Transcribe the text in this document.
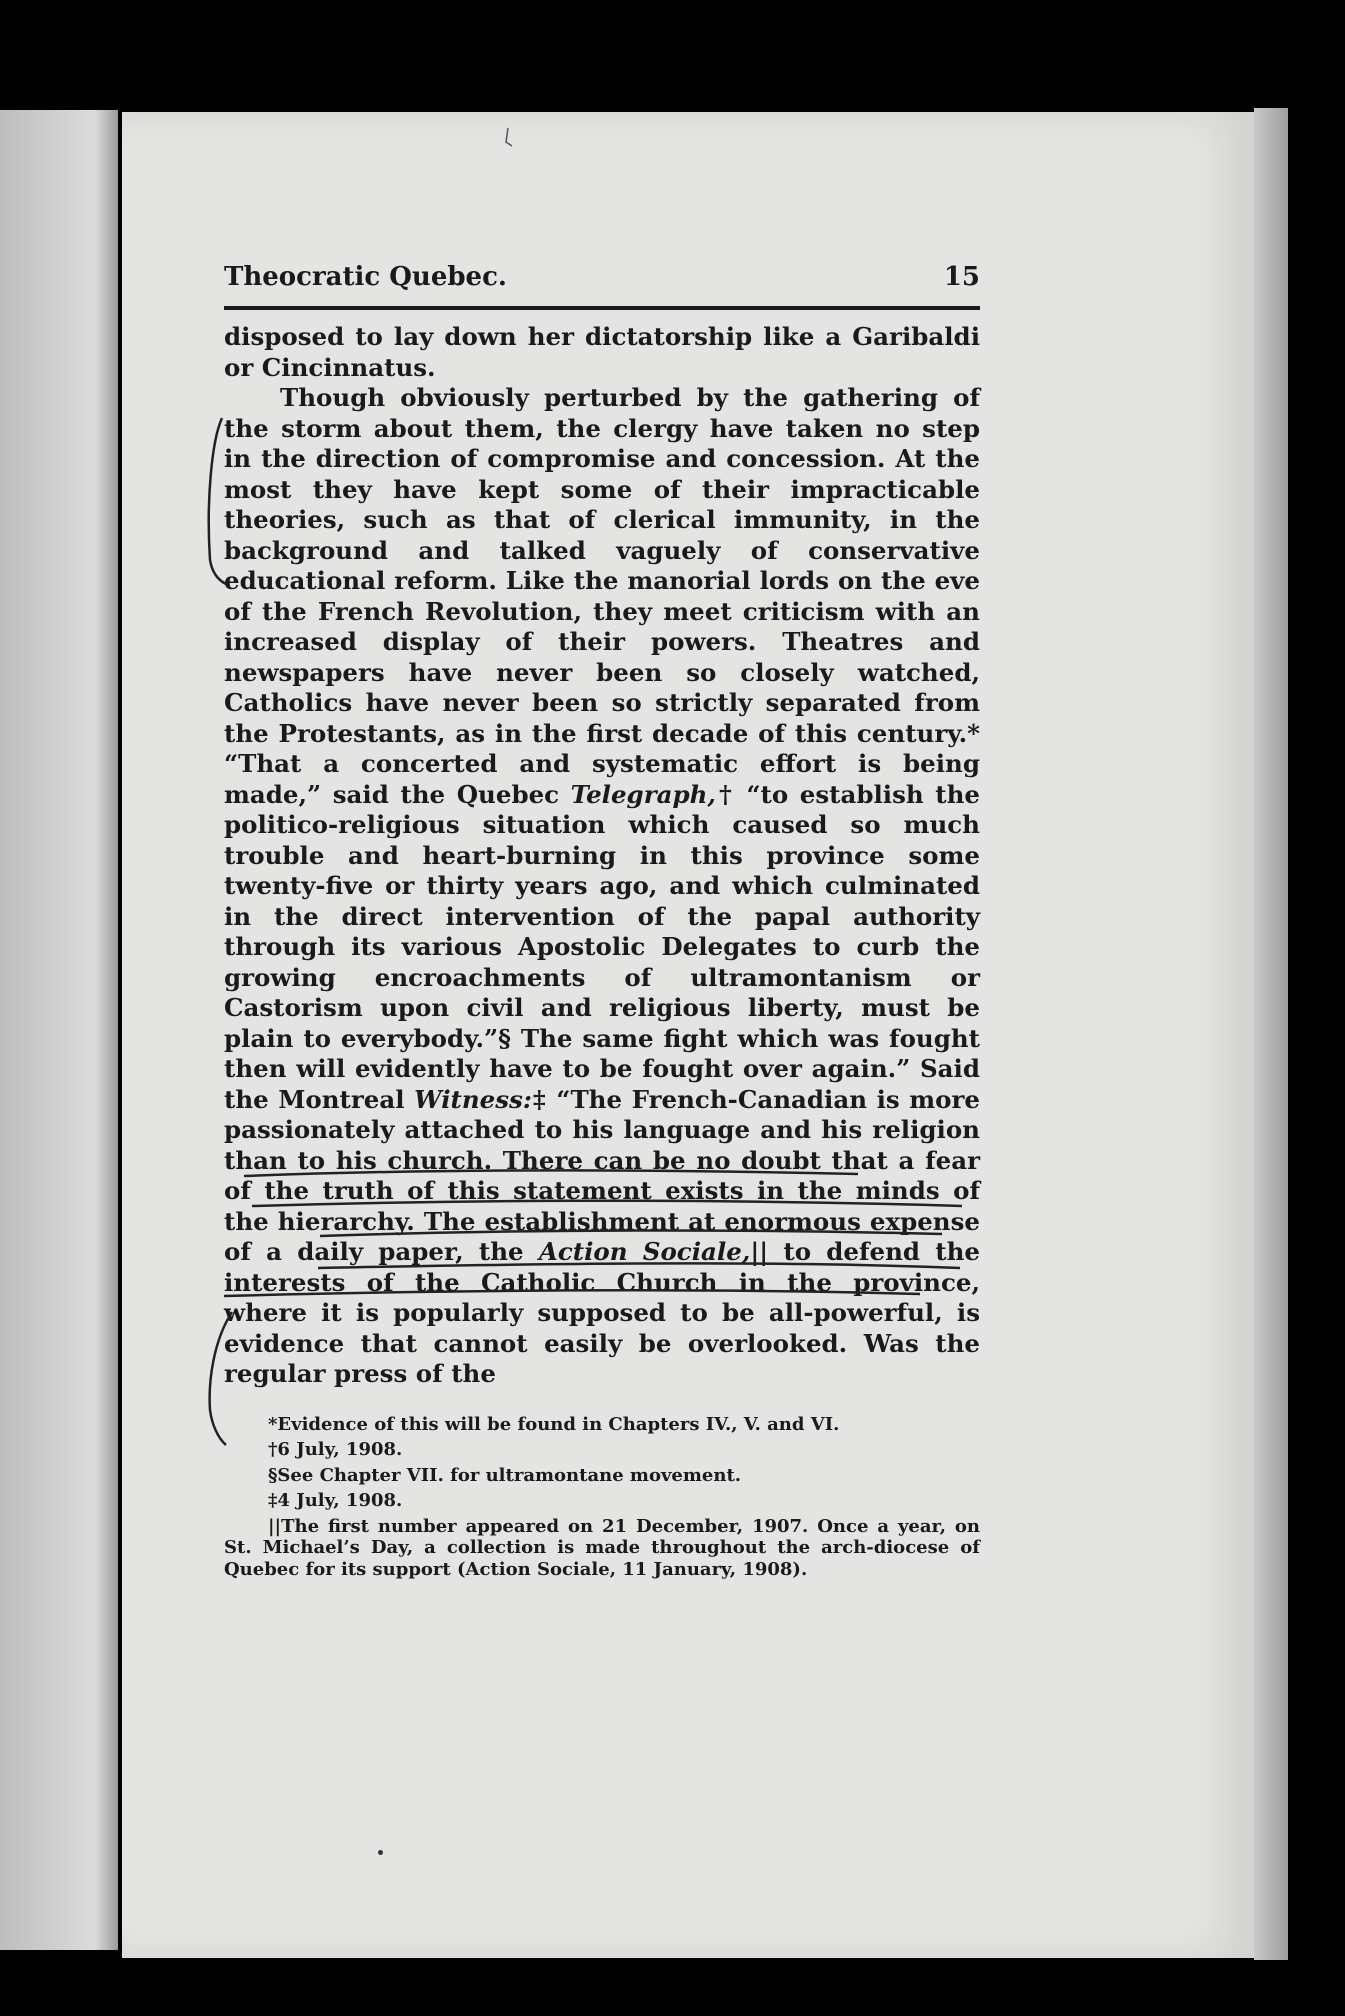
Theocratic Quebec.	15

disposed to lay down her dictatorship like a Garibaldi or Cincinnatus.

Though obviously perturbed by the gathering of the storm about them, the clergy have taken no step in the direction of compromise and concession. At the most they have kept some of their impracticable theories, such as that of clerical immunity, in the background and talked vaguely of conservative educational reform. Like the manorial lords on the eve of the French Revolution, they meet criticism with an increased display of their powers. Theatres and newspapers have never been so closely watched, Catholics have never been so strictly separated from the Protestants, as in the first decade of this century.* “That a concerted and systematic effort is being made,” said the Quebec Telegraph,† “to establish the politico-religious situation which caused so much trouble and heart-burning in this province some twenty-five or thirty years ago, and which culminated in the direct intervention of the papal authority through its various Apostolic Delegates to curb the growing encroachments of ultramontanism or Castorism upon civil and religious liberty, must be plain to everybody.”§ The same fight which was fought then will evidently have to be fought over again.” Said the Montreal Witness:‡ “The French-Canadian is more passionately attached to his language and his religion than to his church. There can be no doubt that a fear of the truth of this statement exists in the minds of the hierarchy. The establishment at enormous expense of a daily paper, the Action Sociale,|| to defend the interests of the Catholic Church in the province, where it is popularly supposed to be all-powerful, is evidence that cannot easily be overlooked. Was the regular press of the

*Evidence of this will be found in Chapters IV., V. and VI.

†6 July, 1908.

§See Chapter VII. for ultramontane movement.

‡4 July, 1908.

||The first number appeared on 21 December, 1907. Once a year, on St. Michael’s Day, a collection is made throughout the arch-diocese of Quebec for its support (Action Sociale, 11 January, 1908).
